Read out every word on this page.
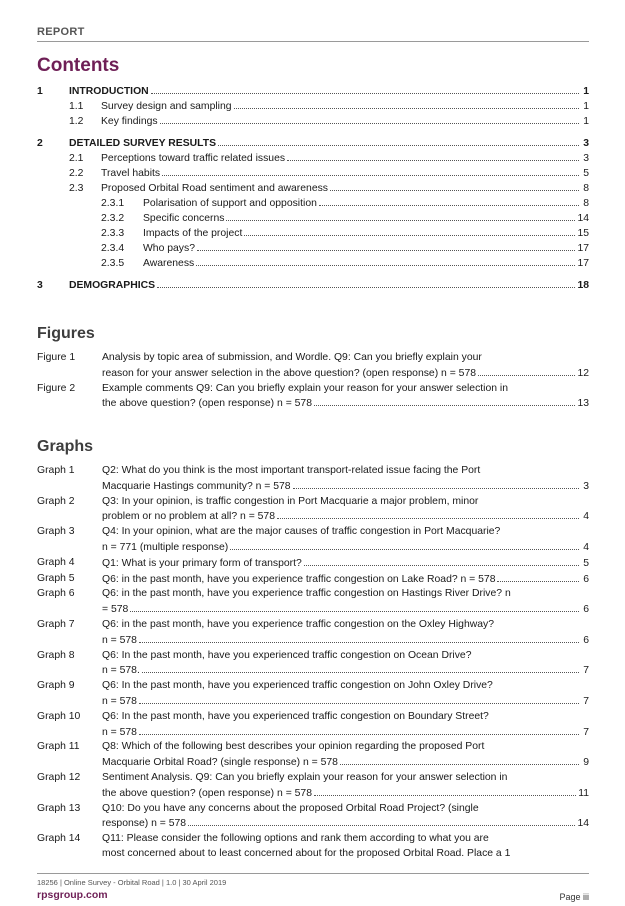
REPORT
Contents
1	INTRODUCTION	1
1.1 Survey design and sampling	1
1.2 Key findings	1
2	DETAILED SURVEY RESULTS	3
2.1 Perceptions toward traffic related issues	3
2.2 Travel habits	5
2.3 Proposed Orbital Road sentiment and awareness	8
2.3.1 Polarisation of support and opposition	8
2.3.2 Specific concerns	14
2.3.3 Impacts of the project	15
2.3.4 Who pays?	17
2.3.5 Awareness	17
3	DEMOGRAPHICS	18
Figures
Figure 1	Analysis by topic area of submission, and Wordle. Q9: Can you briefly explain your
reason for your answer selection in the above question? (open response) n = 578	12
Figure 2	Example comments Q9: Can you briefly explain your reason for your answer selection in
the above question? (open response) n = 578	13
Graphs
Graph 1	Q2: What do you think is the most important transport-related issue facing the Port
Macquarie Hastings community? n = 578	3
Graph 2	Q3: In your opinion, is traffic congestion in Port Macquarie a major problem, minor
problem or no problem at all? n = 578	4
Graph 3	Q4: In your opinion, what are the major causes of traffic congestion in Port Macquarie?
n = 771 (multiple response)	4
Graph 4	Q1: What is your primary form of transport?	5
Graph 5	Q6: in the past month, have you experience traffic congestion on Lake Road? n = 578	6
Graph 6	Q6: in the past month, have you experience traffic congestion on Hastings River Drive? n
= 578	6
Graph 7	Q6: in the past month, have you experience traffic congestion on the Oxley Highway?
n = 578	6
Graph 8	Q6: In the past month, have you experienced traffic congestion on Ocean Drive?
n = 578.	7
Graph 9	Q6: In the past month, have you experienced traffic congestion on John Oxley Drive?
n = 578	7
Graph 10 Q6: In the past month, have you experienced traffic congestion on Boundary Street?
n = 578	7
Graph 11 Q8: Which of the following best describes your opinion regarding the proposed Port
Macquarie Orbital Road? (single response) n = 578	9
Graph 12 Sentiment Analysis. Q9: Can you briefly explain your reason for your answer selection in
the above question? (open response) n = 578	11
Graph 13 Q10: Do you have any concerns about the proposed Orbital Road Project? (single
response) n = 578	14
Graph 14 Q11: Please consider the following options and rank them according to what you are
most concerned about to least concerned about for the proposed Orbital Road. Place a 1
18256 | Online Survey - Orbital Road | 1.0 | 30 April 2019
rpsgroup.com	Page iii
